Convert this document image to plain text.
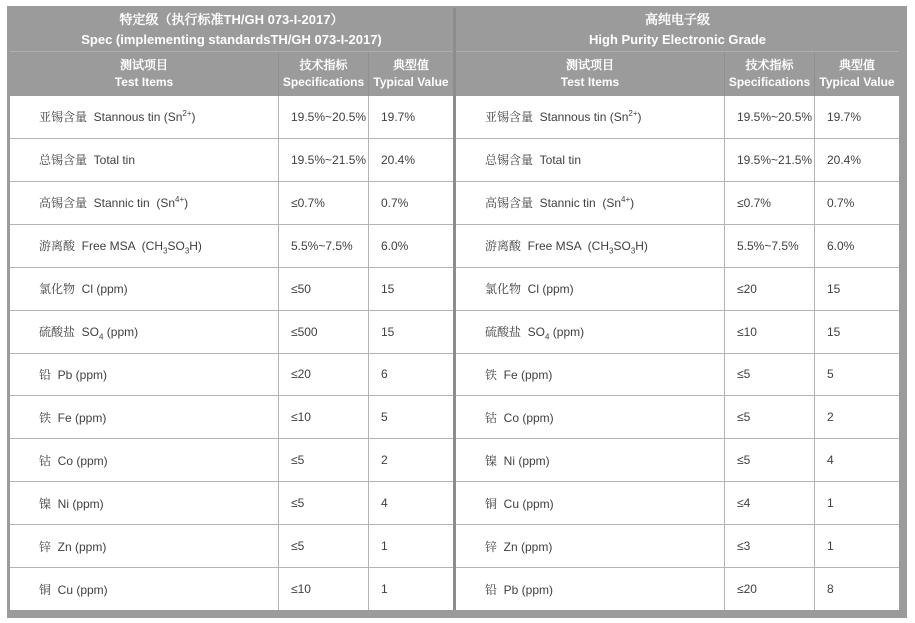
特定级（执行标准TH/GH 073-I-2017）
Spec (implementing standardsTH/GH 073-I-2017)
测试项目
Test Items
技术指标
Specifications
典型值
Typical Value
亚锡含量  Stannous tin $(Sn^{2+})$	19.5%~20.5% 19.7%
总锡含量  Total tin	19.5%~21.5% 20.4%
高锡含量  Stannic tin  $(Sn^{4+})$	≤0.7%	0.7%
游离酸  Free MSA  $(CH_3SO_3H)$	5.5%~7.5% 6.0%
氯化物  Cl (ppm)	≤50	15
硫酸盐  $SO_4$ (ppm)	≤500	15
铅  Pb (ppm)	≤20	6
铁  Fe (ppm)	≤10	5
钴  Co (ppm)	≤5	2
镍  Ni (ppm)	≤5	4
锌  Zn (ppm)	≤5	1
铜  Cu (ppm)	≤10	1
高纯电子级
High Purity Electronic Grade
测试项目
Test Items
技术指标
Specifications
典型值
Typical Value
亚锡含量  Stannous tin $(Sn^{2+})$	19.5%~20.5% 19.7%
总锡含量  Total tin	19.5%~21.5% 20.4%
高锡含量  Stannic tin  $(Sn^{4+})$	≤0.7%	0.7%
游离酸  Free MSA  $(CH_3SO_3H)$	5.5%~7.5% 6.0%
氯化物  Cl (ppm)	≤20	15
硫酸盐  $SO_4$ (ppm)	≤10	15
铁  Fe (ppm)	≤5	5
钴  Co (ppm)	≤5	2
镍  Ni (ppm)	≤5	4
铜  Cu (ppm)	≤4	1
锌  Zn (ppm)	≤3	1
铅  Pb (ppm)	≤20	8
